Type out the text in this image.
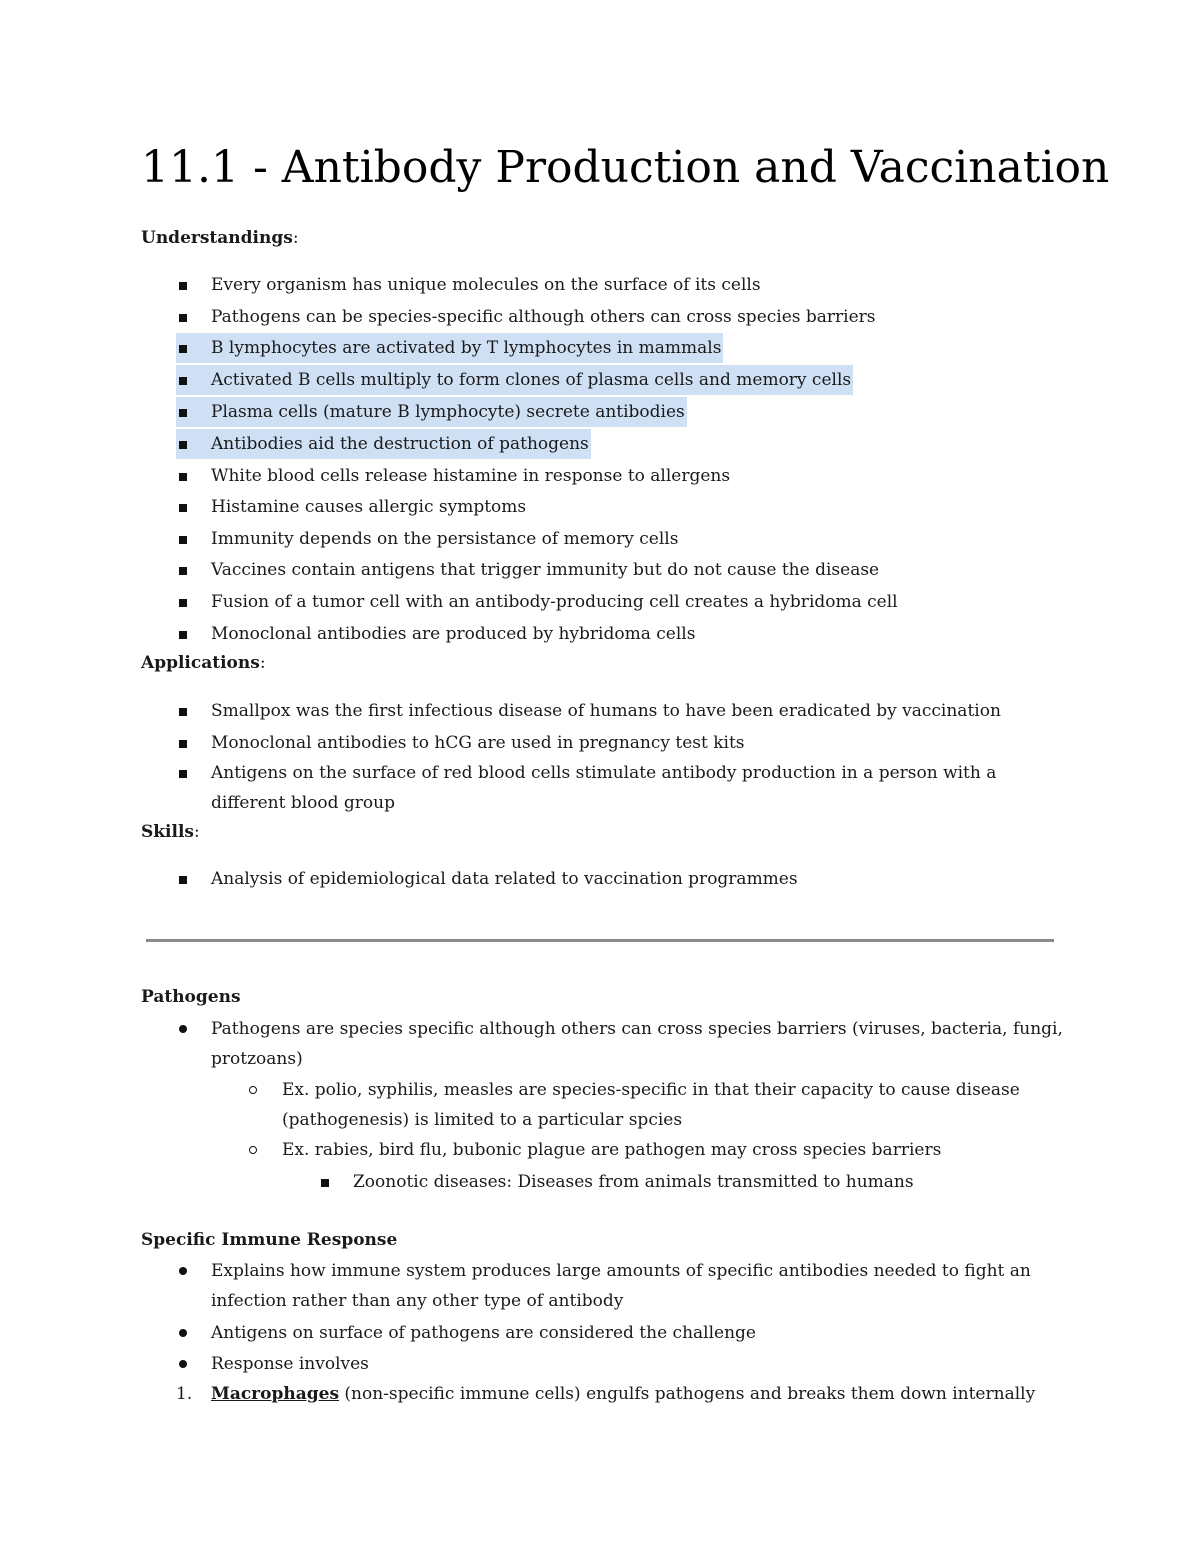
11.1 - Antibody Production and Vaccination
Understandings:
Every organism has unique molecules on the surface of its cells
Pathogens can be species-specific although others can cross species barriers
B lymphocytes are activated by T lymphocytes in mammals
Activated B cells multiply to form clones of plasma cells and memory cells
Plasma cells (mature B lymphocyte) secrete antibodies
Antibodies aid the destruction of pathogens
White blood cells release histamine in response to allergens
Histamine causes allergic symptoms
Immunity depends on the persistance of memory cells
Vaccines contain antigens that trigger immunity but do not cause the disease
Fusion of a tumor cell with an antibody-producing cell creates a hybridoma cell
Monoclonal antibodies are produced by hybridoma cells
Applications:
Smallpox was the first infectious disease of humans to have been eradicated by vaccination
Monoclonal antibodies to hCG are used in pregnancy test kits
Antigens on the surface of red blood cells stimulate antibody production in a person with a
different blood group
Skills:
Analysis of epidemiological data related to vaccination programmes
Pathogens
Pathogens are species specific although others can cross species barriers (viruses, bacteria, fungi,
protzoans)
Ex. polio, syphilis, measles are species-specific in that their capacity to cause disease
(pathogenesis) is limited to a particular spcies
Ex. rabies, bird flu, bubonic plague are pathogen may cross species barriers
Zoonotic diseases: Diseases from animals transmitted to humans
Specific Immune Response
Explains how immune system produces large amounts of specific antibodies needed to fight an
infection rather than any other type of antibody
Antigens on surface of pathogens are considered the challenge
Response involves
1. Macrophages (non-specific immune cells) engulfs pathogens and breaks them down internally
